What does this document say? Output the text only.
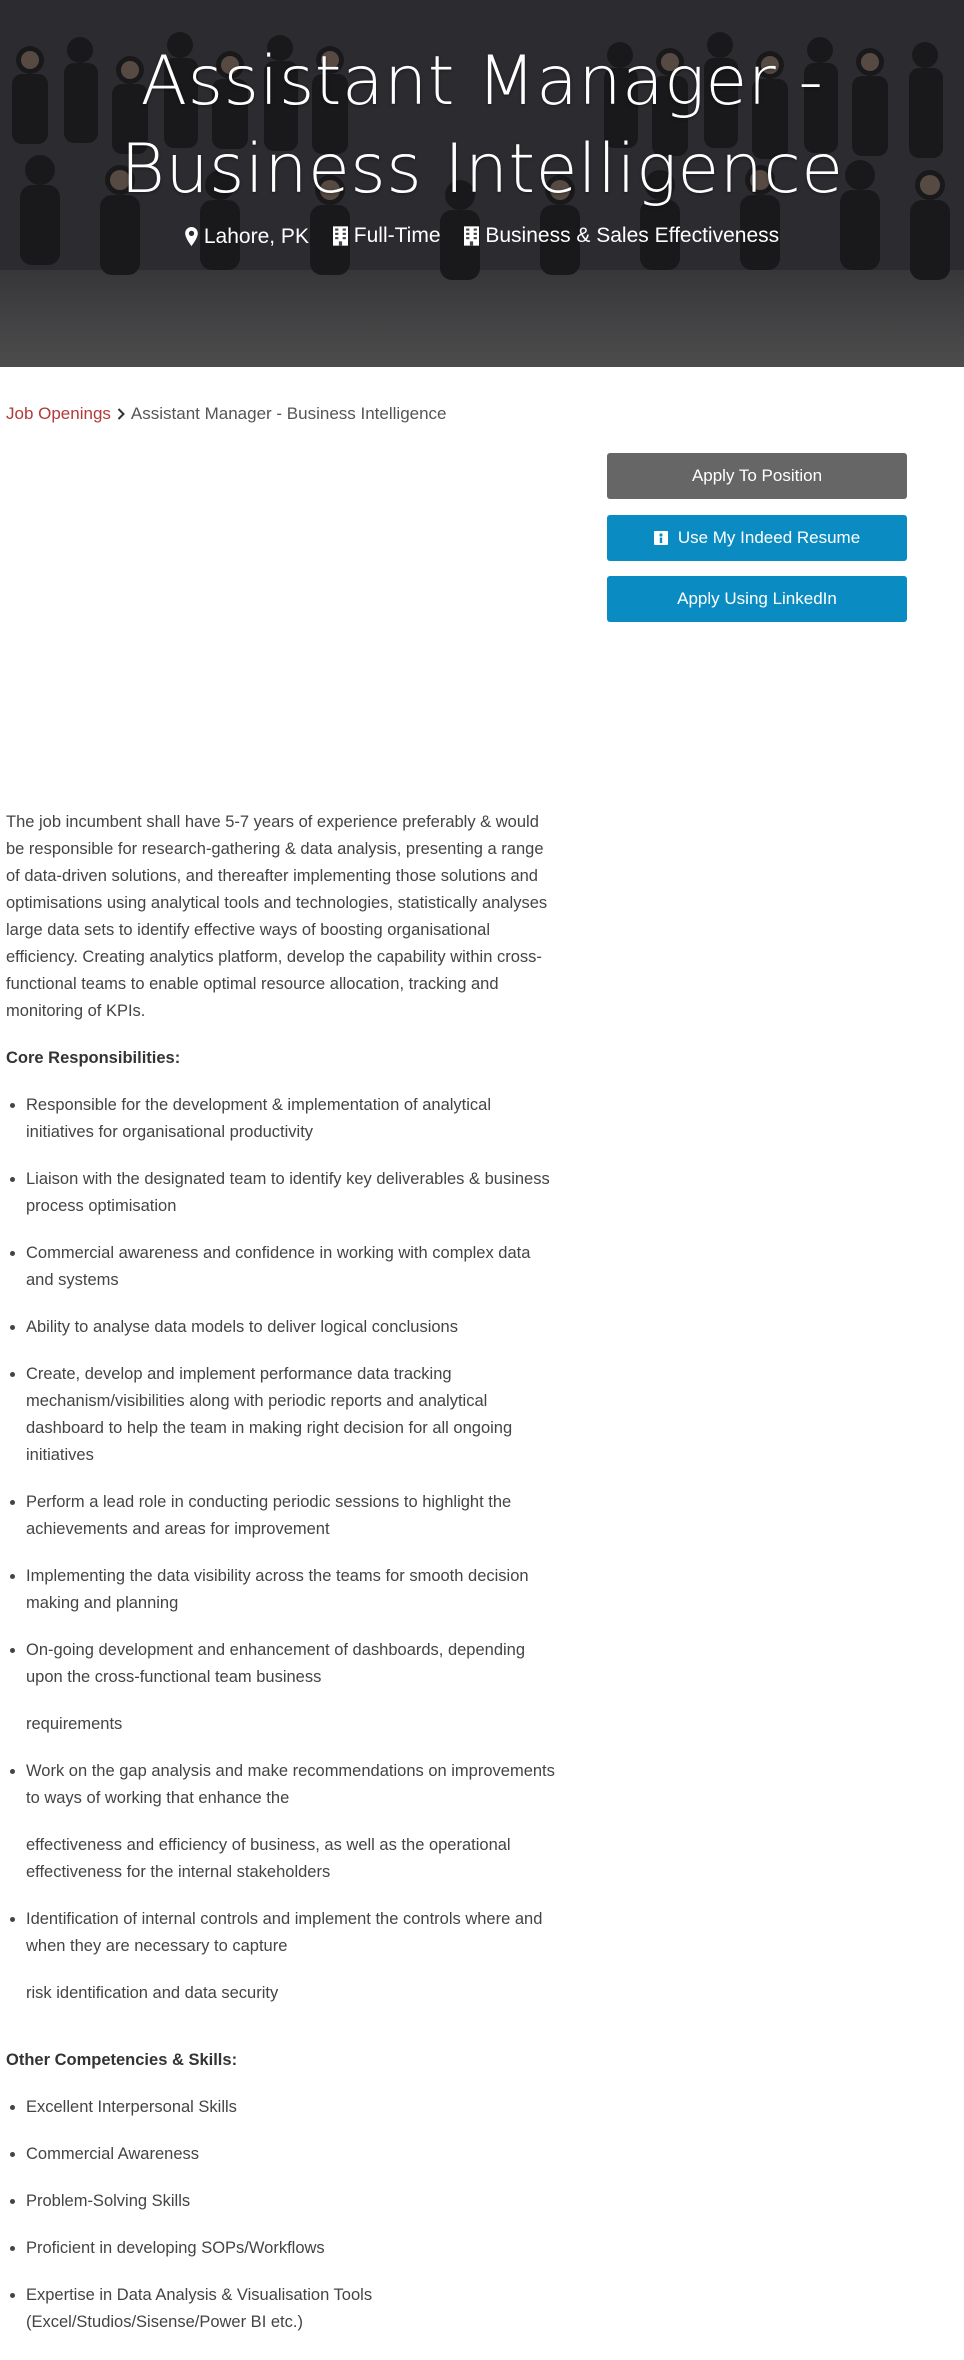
Assistant Manager -
Business Intelligence
Lahore, PK
Full-Time
Business & Sales Effectiveness
Job Openings Assistant Manager - Business Intelligence
Apply To Position
Use My Indeed Resume
Apply Using LinkedIn

The job incumbent shall have 5-7 years of experience preferably & would be responsible for research-gathering & data analysis, presenting a range of data-driven solutions, and thereafter implementing those solutions and optimisations using analytical tools and technologies, statistically analyses large data sets to identify effective ways of boosting organisational efficiency. Creating analytics platform, develop the capability within cross-functional teams to enable optimal resource allocation, tracking and monitoring of KPIs.

Core Responsibilities:

Responsible for the development & implementation of analytical initiatives for organisational productivity
Liaison with the designated team to identify key deliverables & business process optimisation
Commercial awareness and confidence in working with complex data and systems
Ability to analyse data models to deliver logical conclusions
Create, develop and implement performance data tracking mechanism/visibilities along with periodic reports and analytical dashboard to help the team in making right decision for all ongoing initiatives
Perform a lead role in conducting periodic sessions to highlight the achievements and areas for improvement
Implementing the data visibility across the teams for smooth decision making and planning
On-going development and enhancement of dashboards, depending upon the cross-functional team business
requirements
Work on the gap analysis and make recommendations on improvements to ways of working that enhance the
effectiveness and efficiency of business, as well as the operational effectiveness for the internal stakeholders
Identification of internal controls and implement the controls where and when they are necessary to capture
risk identification and data security

Other Competencies & Skills:

Excellent Interpersonal Skills
Commercial Awareness
Problem-Solving Skills
Proficient in developing SOPs/Workflows
Expertise in Data Analysis & Visualisation Tools (Excel/Studios/Sisense/Power BI etc.)
